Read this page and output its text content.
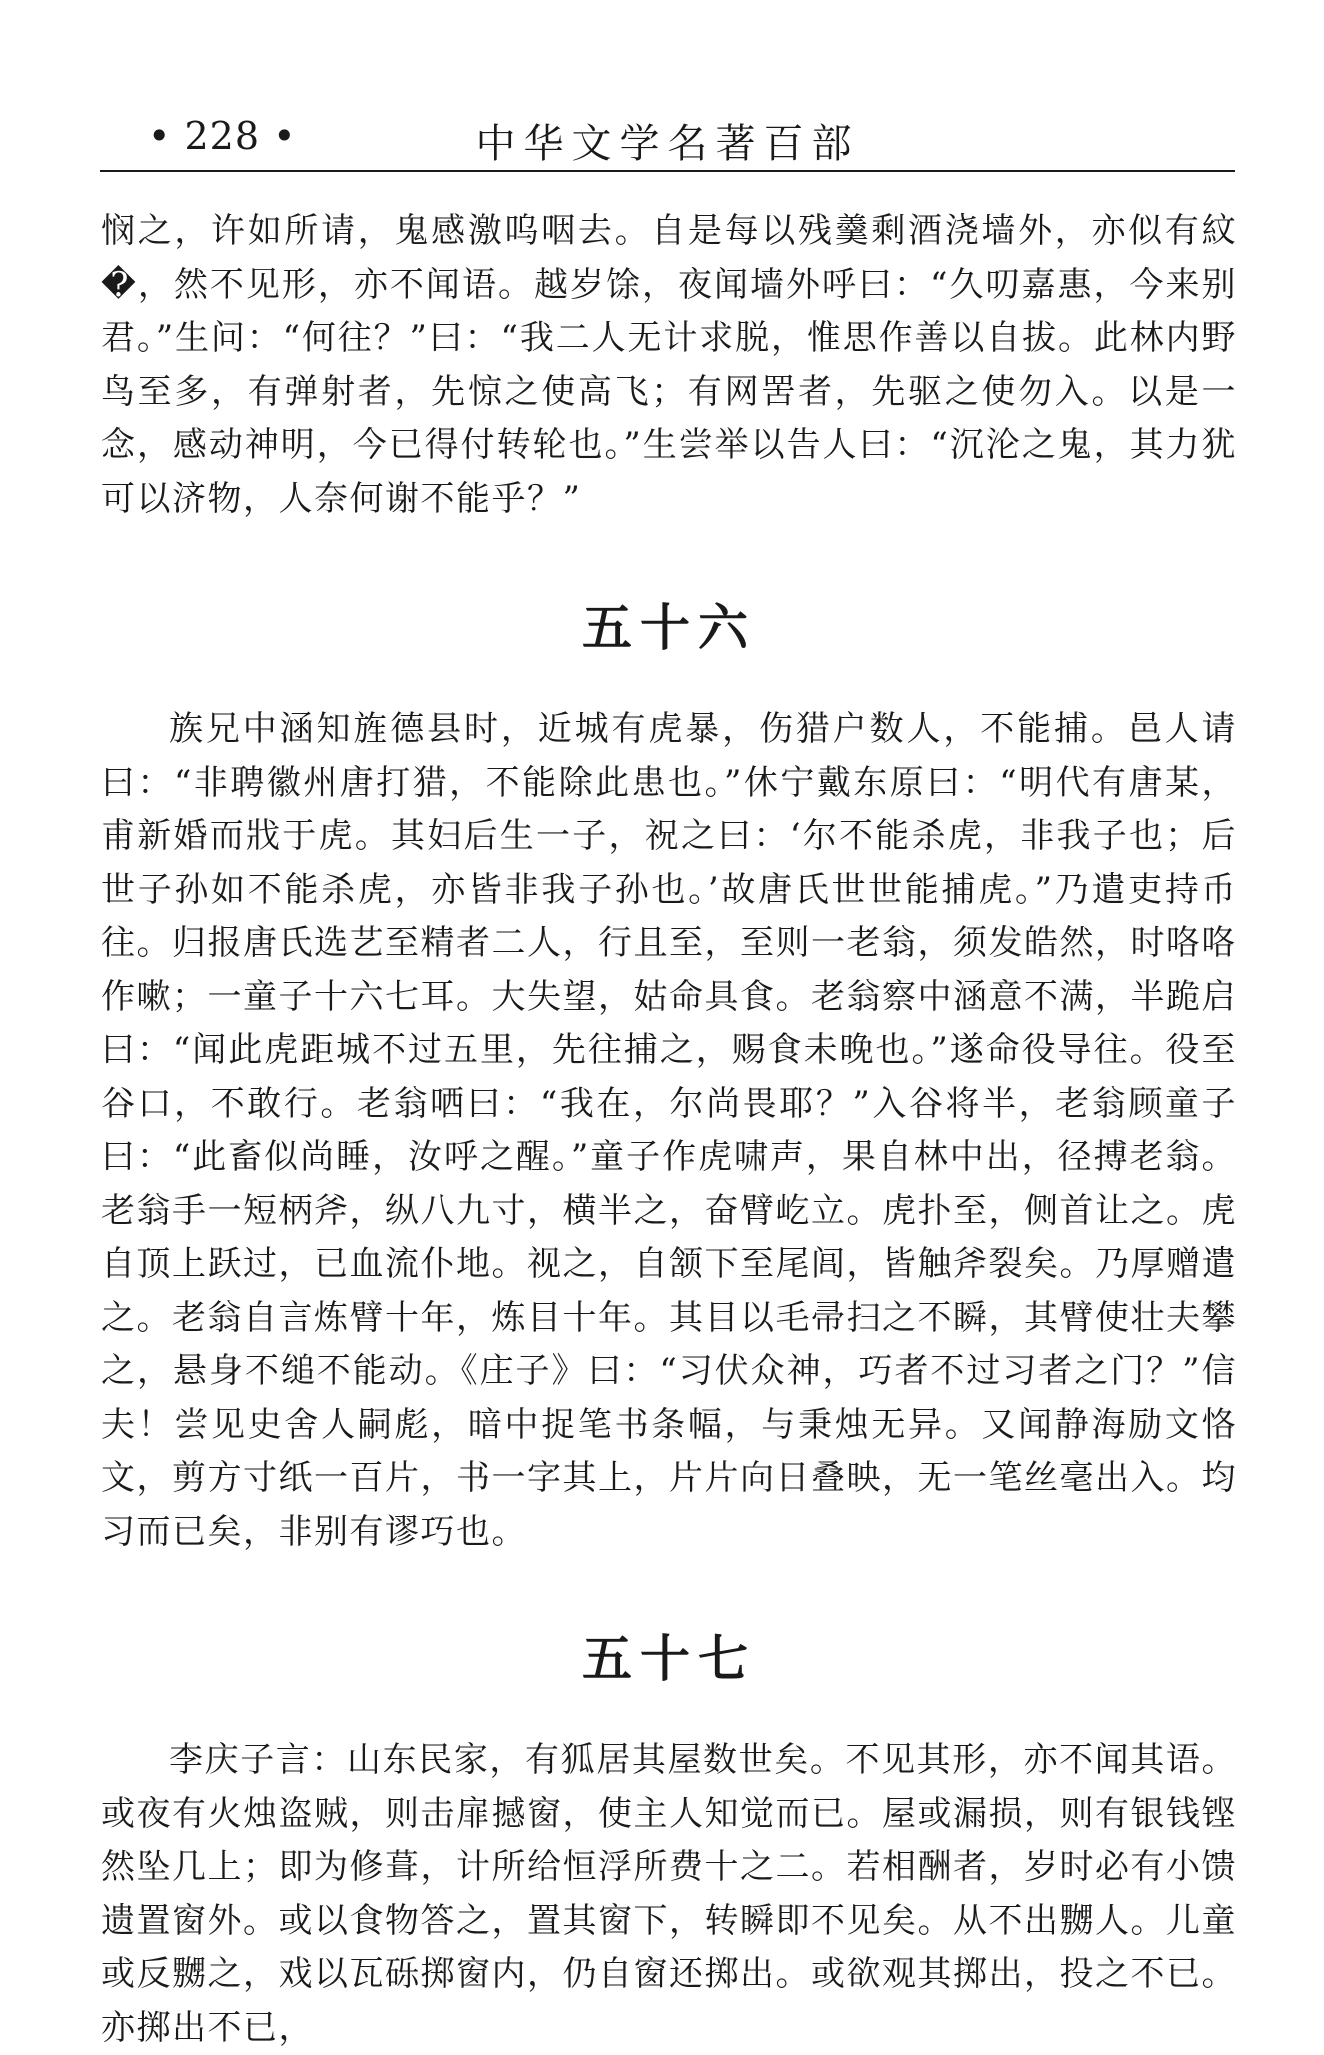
中华文学名著百部
• 228 •

悯之，许如所请，鬼感激呜咽去。自是每以残羹剩酒浇墙外，亦似有紋�，然不见形，亦不闻语。越岁馀，夜闻墙外呼曰：“久叨嘉惠，今来别君。”生问：“何往？”曰：“我二人无计求脱，惟思作善以自拔。此林内野鸟至多，有弹射者，先惊之使高飞；有网罟者，先驱之使勿入。以是一念，感动神明，今已得付转轮也。”生尝举以告人曰：“沉沦之鬼，其力犹可以济物，人奈何谢不能乎？”

五十六

族兄中涵知旌德县时，近城有虎暴，伤猎户数人，不能捕。邑人请曰：“非聘徽州唐打猎，不能除此患也。”休宁戴东原曰：“明代有唐某，甫新婚而戕于虎。其妇后生一子，祝之曰：‘尔不能杀虎，非我子也；后世子孙如不能杀虎，亦皆非我子孙也。’故唐氏世世能捕虎。”乃遣吏持币往。归报唐氏选艺至精者二人，行且至，至则一老翁，须发皓然，时咯咯作嗽；一童子十六七耳。大失望，姑命具食。老翁察中涵意不满，半跪启曰：“闻此虎距城不过五里，先往捕之，赐食未晚也。”遂命役导往。役至谷口，不敢行。老翁哂曰：“我在，尔尚畏耶？”入谷将半，老翁顾童子曰：“此畜似尚睡，汝呼之醒。”童子作虎啸声，果自林中出，径搏老翁。老翁手一短柄斧，纵八九寸，横半之，奋臂屹立。虎扑至，侧首让之。虎自顶上跃过，已血流仆地。视之，自颔下至尾闾，皆触斧裂矣。乃厚赠遣之。老翁自言炼臂十年，炼目十年。其目以毛帚扫之不瞬，其臂使壮夫攀之，悬身不缒不能动。《庄子》曰：“习伏众神，巧者不过习者之门？”信夫！尝见史舍人嗣彪，暗中捉笔书条幅，与秉烛无异。又闻静海励文恪文，剪方寸纸一百片，书一字其上，片片向日叠映，无一笔丝毫出入。均习而已矣，非别有谬巧也。

五十七

李庆子言：山东民家，有狐居其屋数世矣。不见其形，亦不闻其语。或夜有火烛盗贼，则击扉撼窗，使主人知觉而已。屋或漏损，则有银钱铿然坠几上；即为修葺，计所给恒浮所费十之二。若相酬者，岁时必有小馈遗置窗外。或以食物答之，置其窗下，转瞬即不见矣。从不出嬲人。儿童或反嬲之，戏以瓦砾掷窗内，仍自窗还掷出。或欲观其掷出，投之不已。亦掷出不已，
